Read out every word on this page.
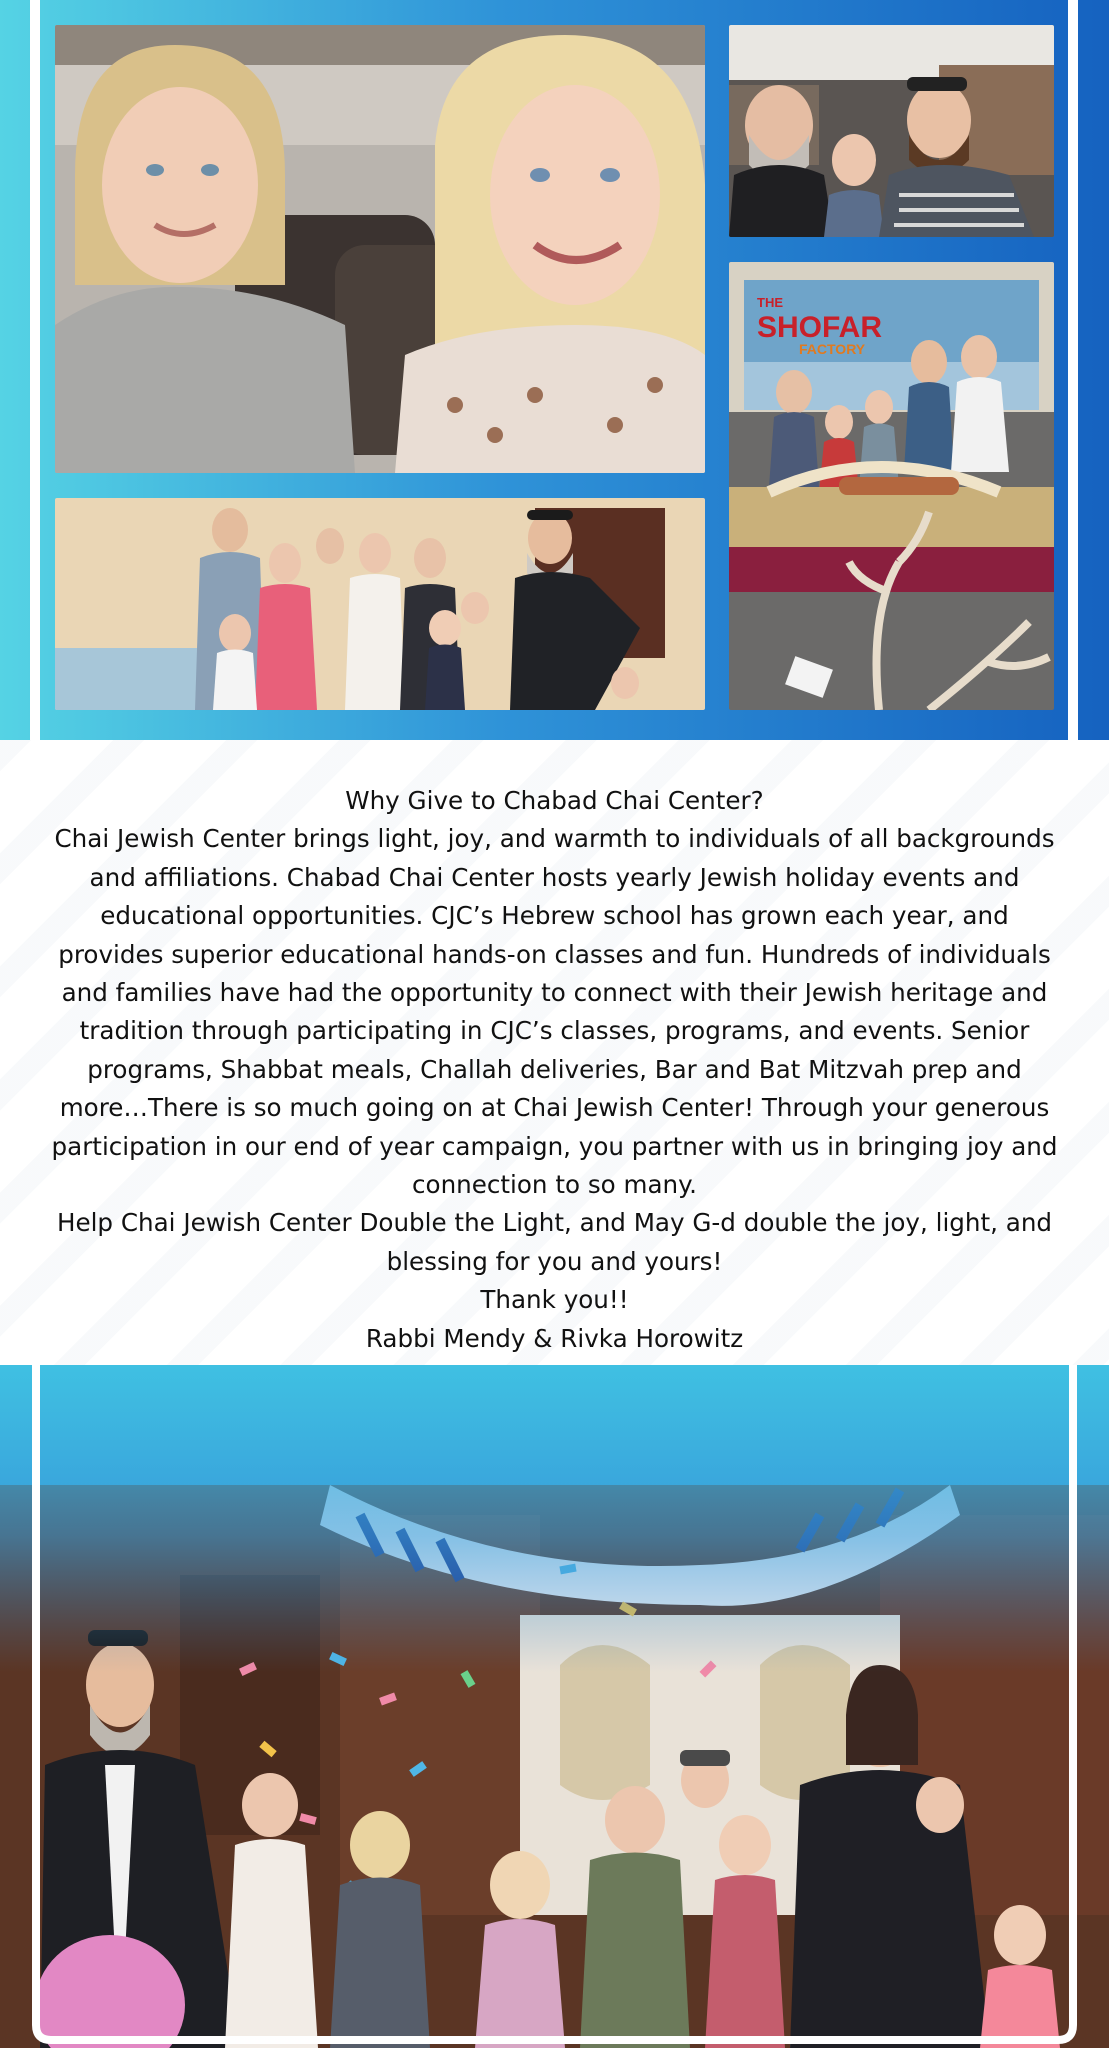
THE
SHOFAR
FACTORY

Why Give to Chabad Chai Center?

Chai Jewish Center brings light, joy, and warmth to individuals of all backgrounds and affiliations. Chabad Chai Center hosts yearly Jewish holiday events and educational opportunities. CJC’s Hebrew school has grown each year, and provides superior educational hands-on classes and fun. Hundreds of individuals and families have had the opportunity to connect with their Jewish heritage and tradition through participating in CJC’s classes, programs, and events. Senior programs, Shabbat meals, Challah deliveries, Bar and Bat Mitzvah prep and more…There is so much going on at Chai Jewish Center! Through your generous participation in our end of year campaign, you partner with us in bringing joy and connection to so many.

Help Chai Jewish Center Double the Light, and May G-d double the joy, light, and blessing for you and yours!

Thank you!!

Rabbi Mendy & Rivka Horowitz
